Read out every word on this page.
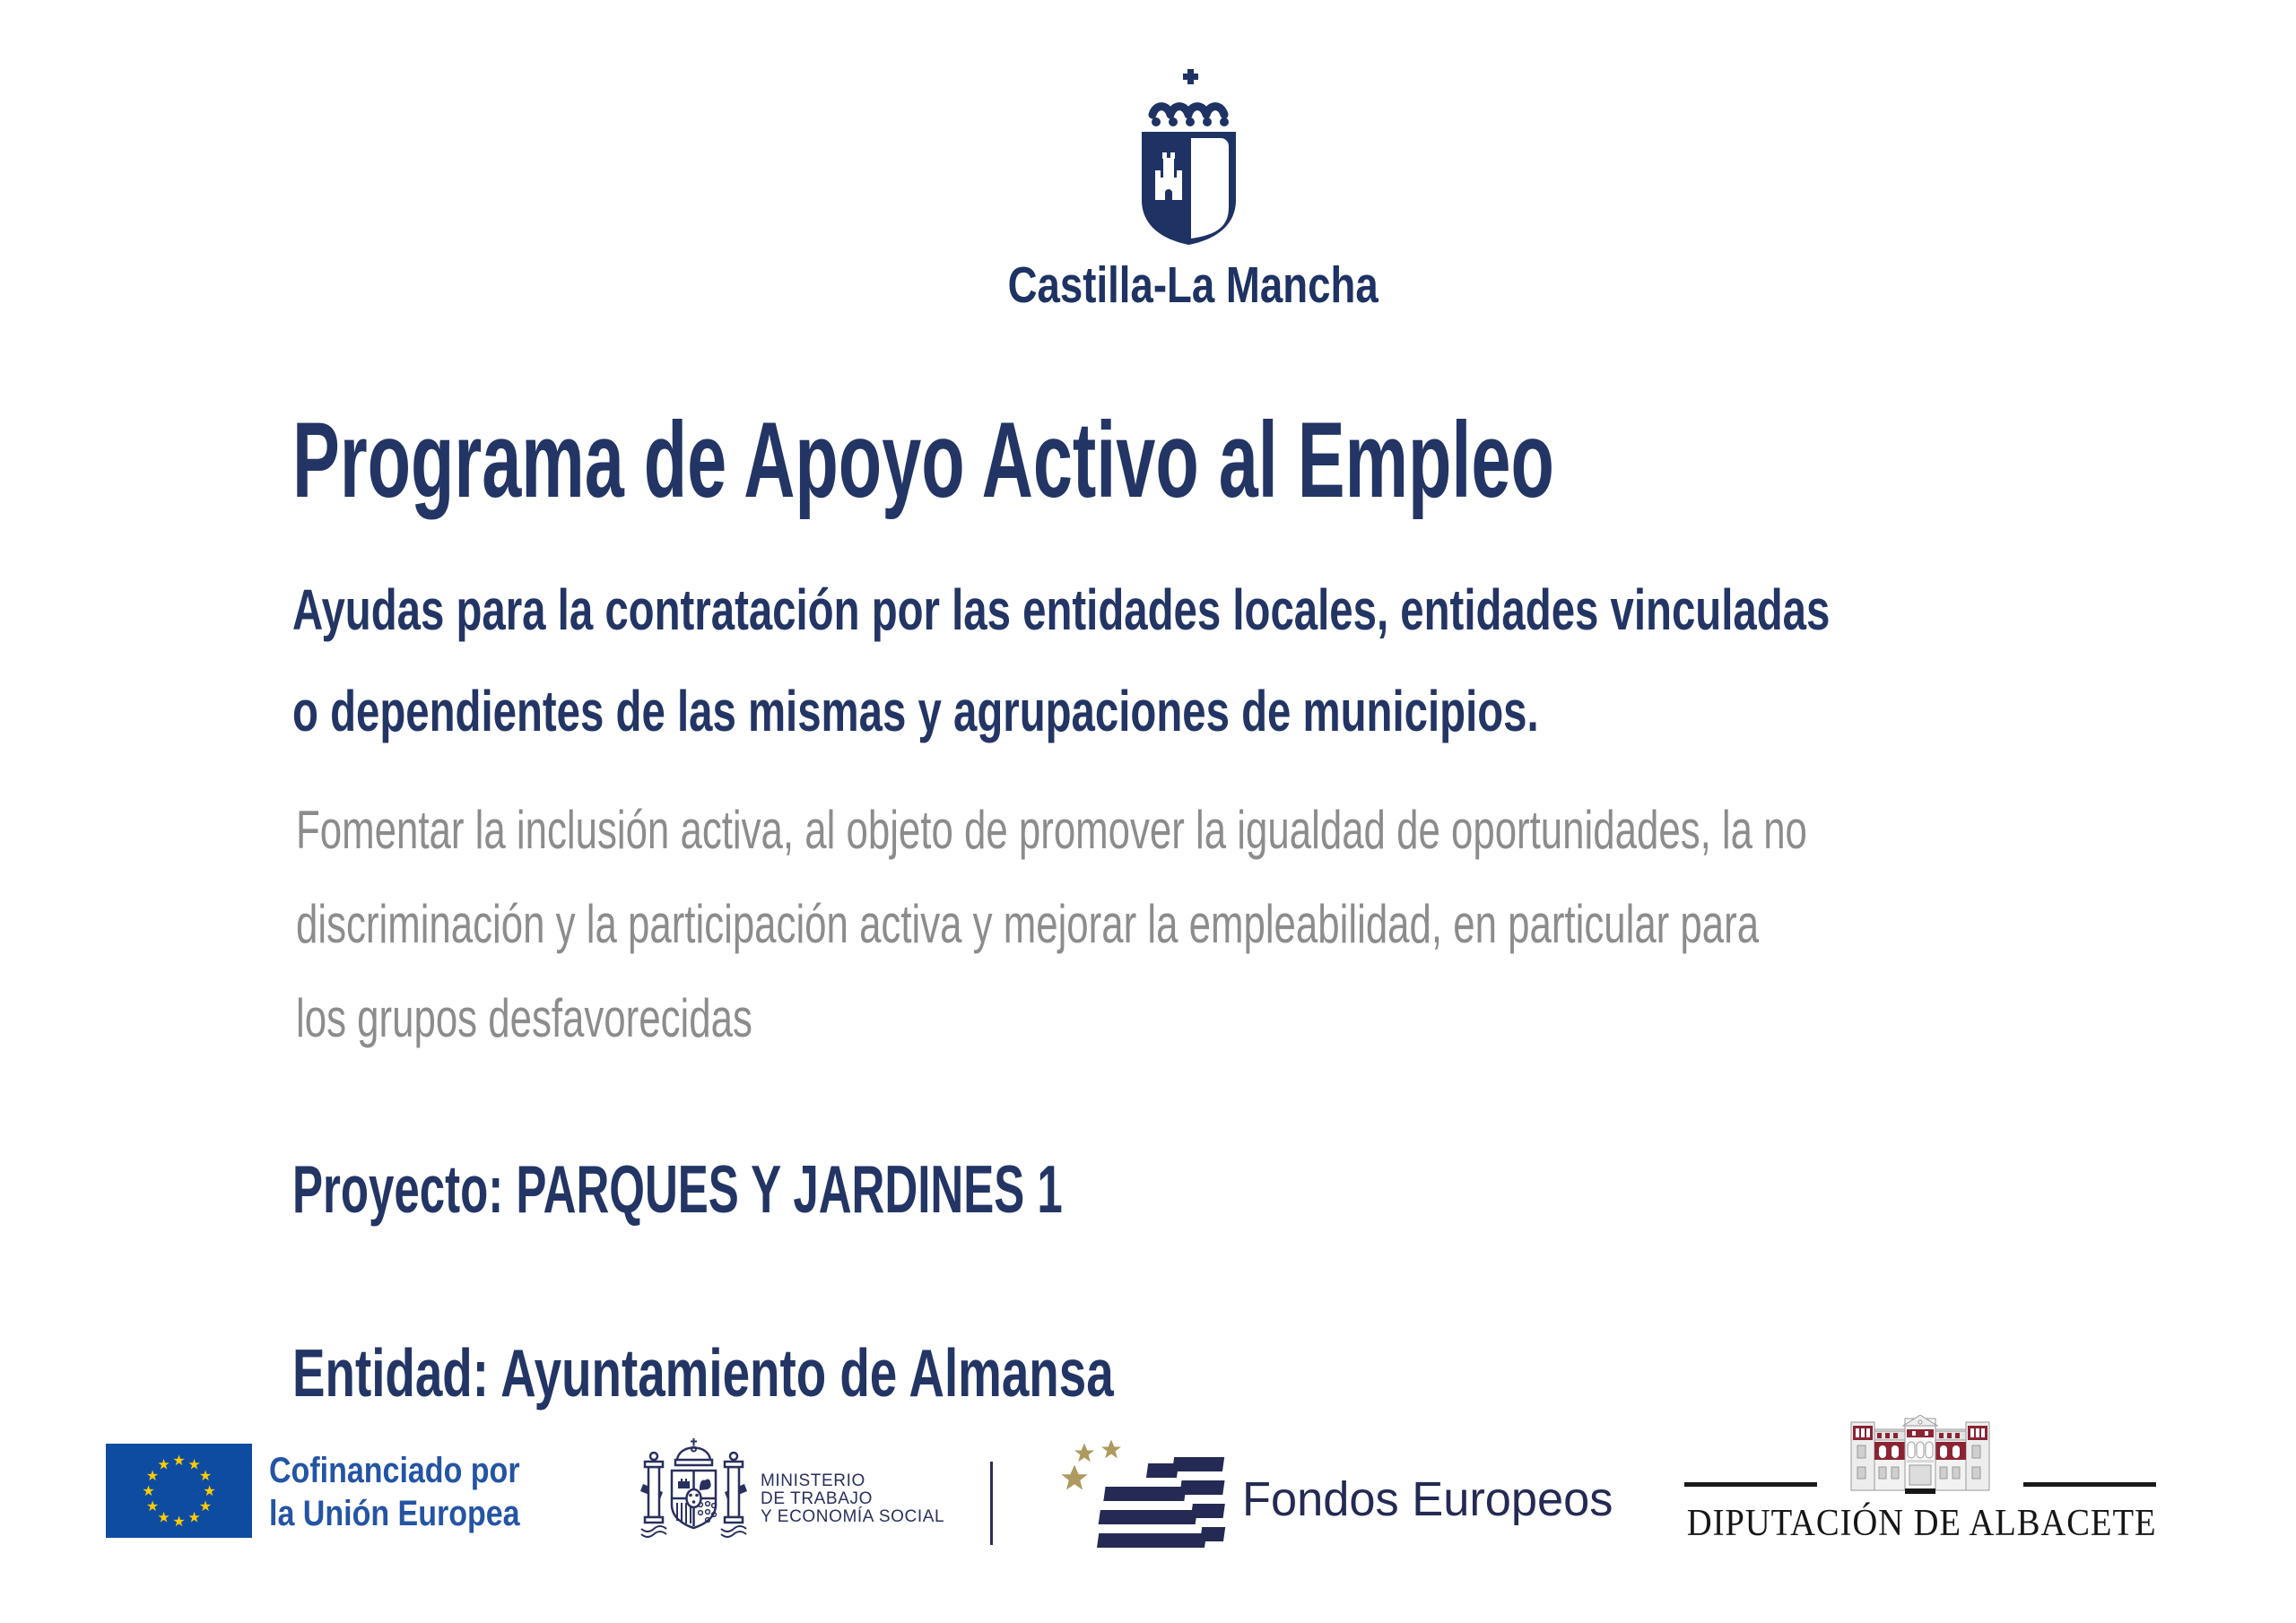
Castilla-La Mancha
Programa de Apoyo Activo al Empleo
Ayudas para la contratación por las entidades locales, entidades vinculadas
o dependientes de las mismas y agrupaciones de municipios.
Fomentar la inclusión activa, al objeto de promover la igualdad de oportunidades, la no
discriminación y la participación activa y mejorar la empleabilidad, en particular para
los grupos desfavorecidas
Proyecto: PARQUES Y JARDINES 1
Entidad: Ayuntamiento de Almansa
★ ★
★
★
★
★
★
★
★
★
★
★	Cofinanciado por
la Unión Europea
MINISTERIO
DE TRABAJO
Y ECONOMÍA SOCIAL	Fondos Europeos	DIPUTACIÓN DE ALBACETE
